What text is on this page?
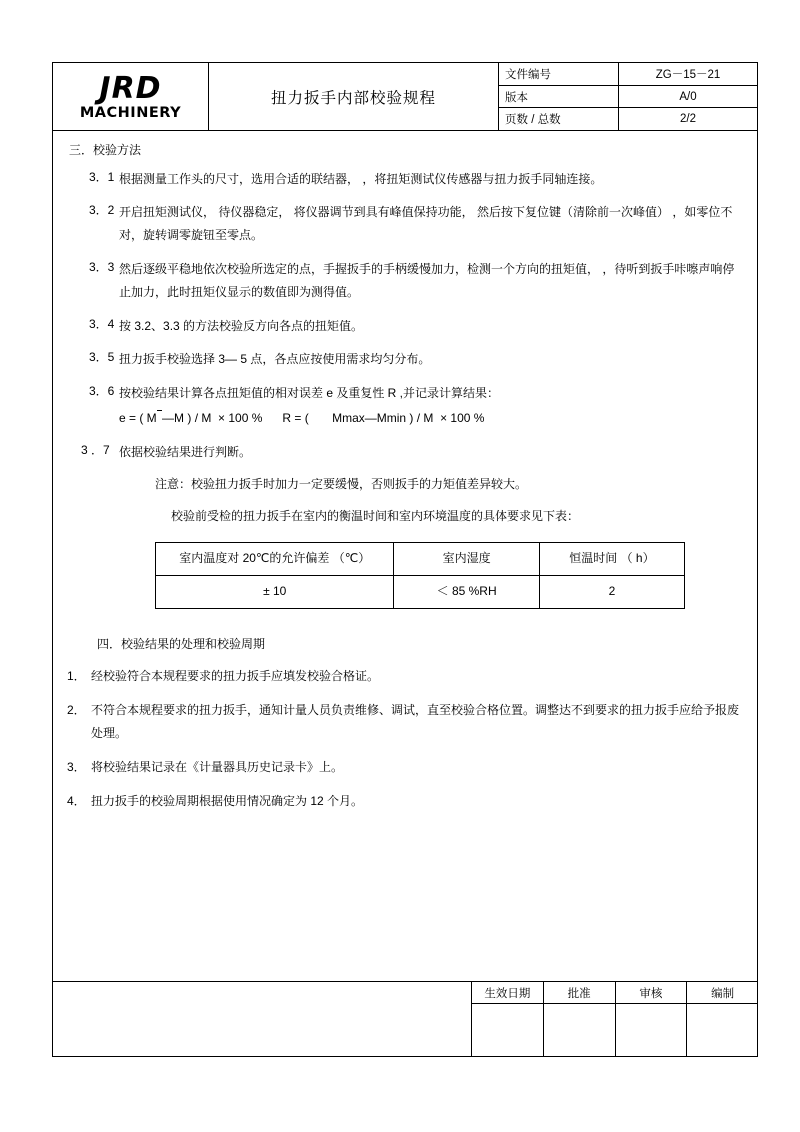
JRD
MACHINERY
扭力扳手内部校验规程
文件编号	ZG－15－21
版本	A/0
页数 / 总数	2/2
三．校验方法
3．1 根据测量工作头的尺寸，选用合适的联结器， ，将扭矩测试仪传感器与扭力扳手同轴连接。
3．2 开启扭矩测试仪， 待仪器稳定， 将仪器调节到具有峰值保持功能， 然后按下复位键（清除前一次峰值） ，如零位不对，旋转调零旋钮至零点。
3．3 然后逐级平稳地依次校验所选定的点，手握扳手的手柄缓慢加力，检测一个方向的扭矩值， ，待听到扳手咔嚓声响停止加力，此时扭矩仪显示的数值即为测得值。
3．4 按 3.2、3.3 的方法校验反方向各点的扭矩值。
3．5 扭力扳手校验选择 3— 5 点，各点应按使用需求均匀分布。
3．6 按校验结果计算各点扭矩值的相对误差 e 及重复性 R ,并记录计算结果：
e = ( M —M ) / M  × 100 %      R = (       Mmax—Mmin ) / M  × 100 %
3 ．7 依据校验结果进行判断。
注意：校验扭力扳手时加力一定要缓慢，否则扳手的力矩值差异较大。
校验前受检的扭力扳手在室内的衡温时间和室内环境温度的具体要求见下表：
室内温度对 20℃的允许偏差 （℃）	室内湿度	恒温时间 （ h）
± 10	＜ 85 %RH	2
四．校验结果的处理和校验周期
1． 经校验符合本规程要求的扭力扳手应填发校验合格证。
2． 不符合本规程要求的扭力扳手，通知计量人员负责维修、调试，直至校验合格位置。调整达不到要求的扭力扳手应给予报废处理。
3． 将校验结果记录在《计量器具历史记录卡》上。
4． 扭力扳手的校验周期根据使用情况确定为 12 个月。
生效日期	批准	审核	编制
